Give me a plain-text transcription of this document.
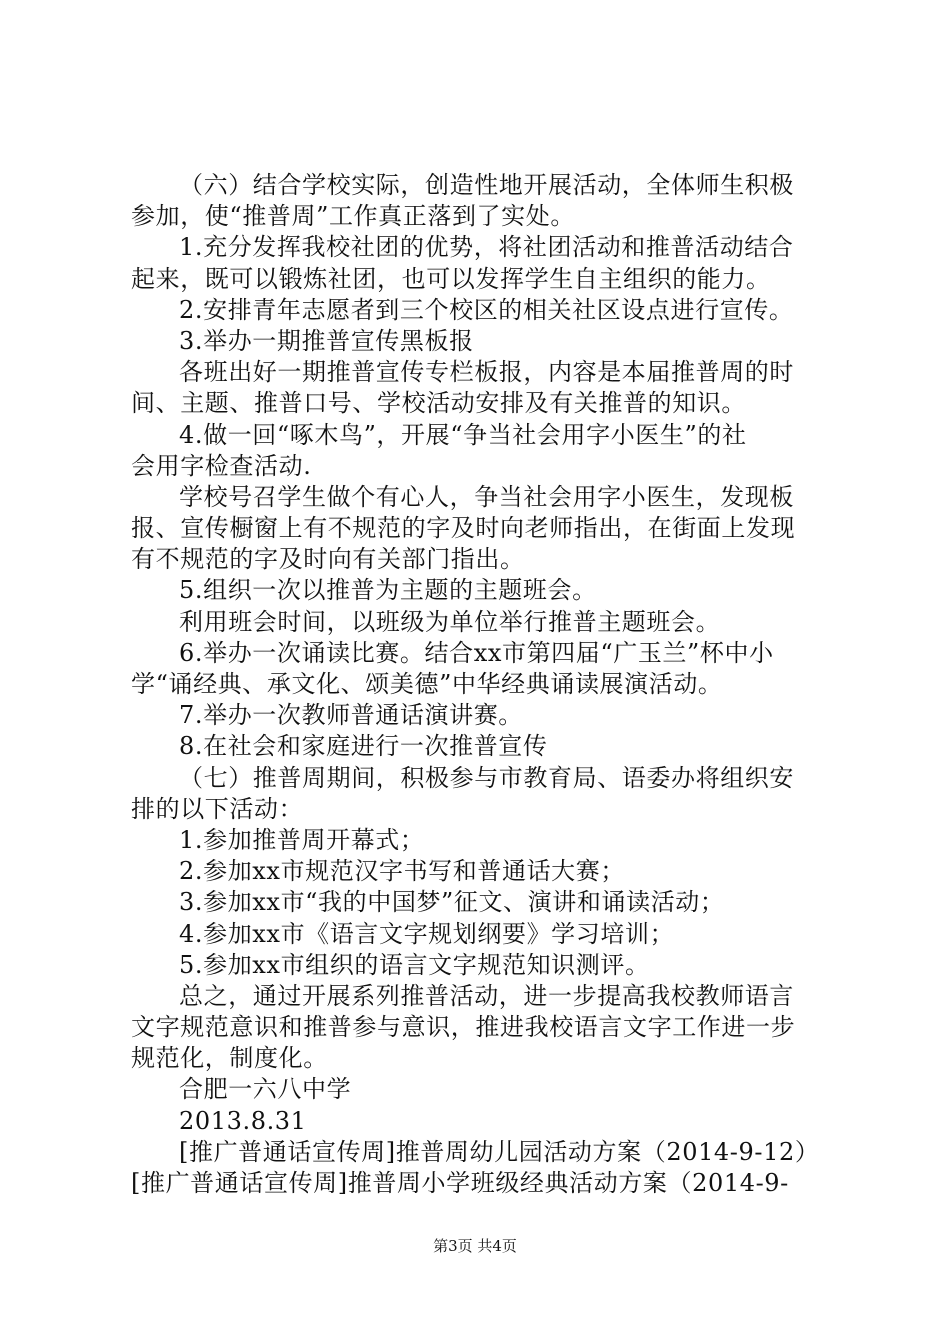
（六）结合学校实际，创造性地开展活动，全体师生积极
参加，使“推普周”工作真正落到了实处。
1.充分发挥我校社团的优势，将社团活动和推普活动结合
起来，既可以锻炼社团，也可以发挥学生自主组织的能力。
2.安排青年志愿者到三个校区的相关社区设点进行宣传。
3.举办一期推普宣传黑板报
各班出好一期推普宣传专栏板报，内容是本届推普周的时
间、主题、推普口号、学校活动安排及有关推普的知识。
4.做一回“啄木鸟”，开展“争当社会用字小医生”的社
会用字检查活动.
学校号召学生做个有心人，争当社会用字小医生，发现板
报、宣传橱窗上有不规范的字及时向老师指出，在街面上发现
有不规范的字及时向有关部门指出。
5.组织一次以推普为主题的主题班会。
利用班会时间，以班级为单位举行推普主题班会。
6.举办一次诵读比赛。结合xx市第四届“广玉兰”杯中小
学“诵经典、承文化、颂美德”中华经典诵读展演活动。
7.举办一次教师普通话演讲赛。
8.在社会和家庭进行一次推普宣传
（七）推普周期间，积极参与市教育局、语委办将组织安
排的以下活动：
1.参加推普周开幕式；
2.参加xx市规范汉字书写和普通话大赛；
3.参加xx市“我的中国梦”征文、演讲和诵读活动；
4.参加xx市《语言文字规划纲要》学习培训；
5.参加xx市组织的语言文字规范知识测评。
总之，通过开展系列推普活动，进一步提高我校教师语言
文字规范意识和推普参与意识，推进我校语言文字工作进一步
规范化，制度化。
合肥一六八中学
2013.8.31
[推广普通话宣传周]推普周幼儿园活动方案（2014-9-12）
[推广普通话宣传周]推普周小学班级经典活动方案（2014-9-
第3页 共4页
